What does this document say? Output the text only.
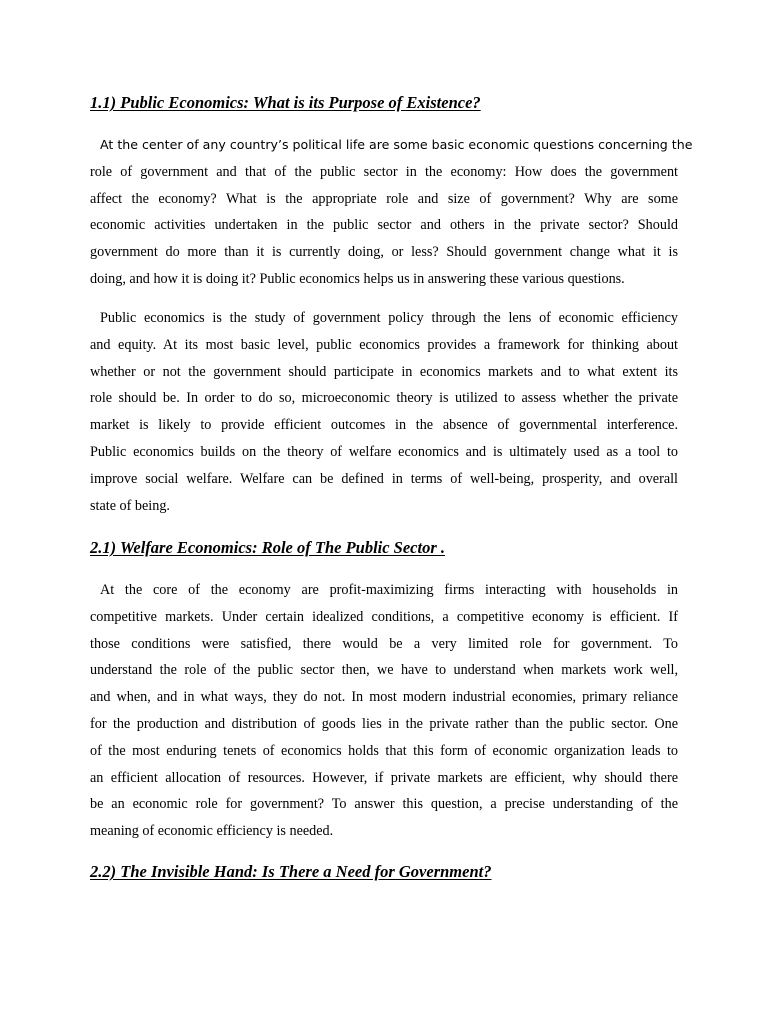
1.1) Public Economics: What is its Purpose of Existence?
At the center of any country’s political life are some basic economic questions concerning the
role of government and that of the public sector in the economy: How does the government
affect the economy? What is the appropriate role and size of government? Why are some
economic activities undertaken in the public sector and others in the private sector? Should
government do more than it is currently doing, or less? Should government change what it is
doing, and how it is doing it? Public economics helps us in answering these various questions.
Public economics is the study of government policy through the lens of economic efficiency
and equity. At its most basic level, public economics provides a framework for thinking about
whether or not the government should participate in economics markets and to what extent its
role should be. In order to do so, microeconomic theory is utilized to assess whether the private
market is likely to provide efficient outcomes in the absence of governmental interference.
Public economics builds on the theory of welfare economics and is ultimately used as a tool to
improve social welfare. Welfare can be defined in terms of well-being, prosperity, and overall
state of being.
2.1) Welfare Economics: Role of The Public Sector .
At the core of the economy are profit-maximizing firms interacting with households in
competitive markets. Under certain idealized conditions, a competitive economy is efficient. If
those conditions were satisfied, there would be a very limited role for government. To
understand the role of the public sector then, we have to understand when markets work well,
and when, and in what ways, they do not. In most modern industrial economies, primary reliance
for the production and distribution of goods lies in the private rather than the public sector. One
of the most enduring tenets of economics holds that this form of economic organization leads to
an efficient allocation of resources. However, if private markets are efficient, why should there
be an economic role for government? To answer this question, a precise understanding of the
meaning of economic efficiency is needed.
2.2) The Invisible Hand: Is There a Need for Government?
